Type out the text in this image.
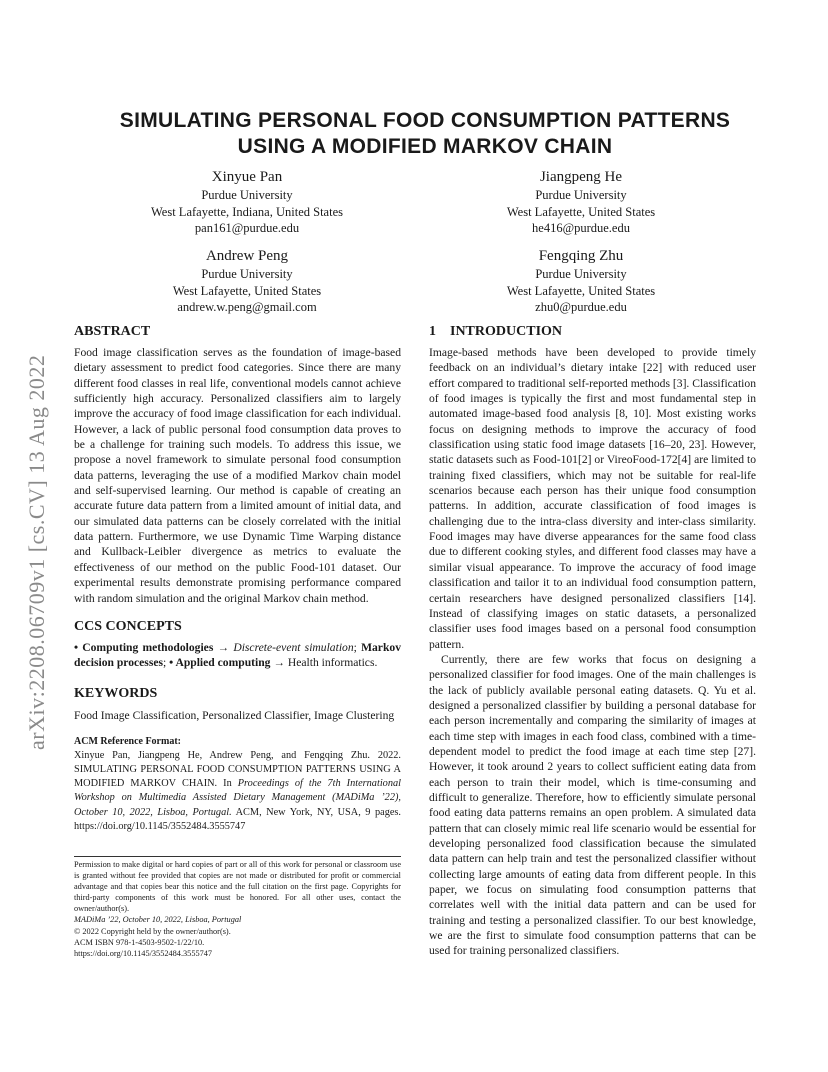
arXiv:2208.06709v1 [cs.CV] 13 Aug 2022
SIMULATING PERSONAL FOOD CONSUMPTION PATTERNS
USING A MODIFIED MARKOV CHAIN
Xinyue Pan
Purdue University
West Lafayette, Indiana, United States
pan161@purdue.edu
Jiangpeng He
Purdue University
West Lafayette, United States
he416@purdue.edu
Andrew Peng
Purdue University
West Lafayette, United States
andrew.w.peng@gmail.com
Fengqing Zhu
Purdue University
West Lafayette, United States
zhu0@purdue.edu
ABSTRACT

Food image classification serves as the foundation of image-based dietary assessment to predict food categories. Since there are many different food classes in real life, conventional models cannot achieve sufficiently high accuracy. Personalized classifiers aim to largely improve the accuracy of food image classification for each individual. However, a lack of public personal food consumption data proves to be a challenge for training such models. To address this issue, we propose a novel framework to simulate personal food consumption data patterns, leveraging the use of a modified Markov chain model and self-supervised learning. Our method is capable of creating an accurate future data pattern from a limited amount of initial data, and our simulated data patterns can be closely correlated with the initial data pattern. Furthermore, we use Dynamic Time Warping distance and Kullback-Leibler divergence as metrics to evaluate the effectiveness of our method on the public Food-101 dataset. Our experimental results demonstrate promising performance compared with random simulation and the original Markov chain method.

CCS CONCEPTS
• Computing methodologies → Discrete-event simulation; Markov decision processes; • Applied computing → Health informatics.
KEYWORDS
Food Image Classification, Personalized Classifier, Image Clustering
ACM Reference Format:
Xinyue Pan, Jiangpeng He, Andrew Peng, and Fengqing Zhu. 2022. SIMULATING PERSONAL FOOD CONSUMPTION PATTERNS USING A MODIFIED MARKOV CHAIN. In Proceedings of the 7th International Workshop on Multimedia Assisted Dietary Management (MADiMa ’22), October 10, 2022, Lisboa, Portugal. ACM, New York, NY, USA, 9 pages. https://doi.org/10.1145/3552484.3555747
Permission to make digital or hard copies of part or all of this work for personal or classroom use is granted without fee provided that copies are not made or distributed for profit or commercial advantage and that copies bear this notice and the full citation on the first page. Copyrights for third-party components of this work must be honored. For all other uses, contact the owner/author(s).
MADiMa ’22, October 10, 2022, Lisboa, Portugal
© 2022 Copyright held by the owner/author(s).
ACM ISBN 978-1-4503-9502-1/22/10.
https://doi.org/10.1145/3552484.3555747
1    INTRODUCTION

Image-based methods have been developed to provide timely feedback on an individual’s dietary intake [22] with reduced user effort compared to traditional self-reported methods [3]. Classification of food images is typically the first and most fundamental step in automated image-based food analysis [8, 10]. Most existing works focus on designing methods to improve the accuracy of food classification using static food image datasets [16–20, 23]. However, static datasets such as Food-101[2] or VireoFood-172[4] are limited to training fixed classifiers, which may not be suitable for real-life scenarios because each person has their unique food consumption patterns. In addition, accurate classification of food images is challenging due to the intra-class diversity and inter-class similarity. Food images may have diverse appearances for the same food class due to different cooking styles, and different food classes may have a similar visual appearance. To improve the accuracy of food image classification and tailor it to an individual food consumption pattern, certain researchers have designed personalized classifiers [14]. Instead of classifying images on static datasets, a personalized classifier uses food images based on a personal food consumption pattern.

Currently, there are few works that focus on designing a personalized classifier for food images. One of the main challenges is the lack of publicly available personal eating datasets. Q. Yu et al. designed a personalized classifier by building a personal database for each person incrementally and comparing the similarity of images at each time step with images in each food class, combined with a time-dependent model to predict the food image at each time step [27]. However, it took around 2 years to collect sufficient eating data from each person to train their model, which is time-consuming and difficult to generalize. Therefore, how to efficiently simulate personal food eating data patterns remains an open problem. A simulated data pattern that can closely mimic real life scenario would be essential for developing personalized food classification because the simulated data pattern can help train and test the personalized classifier without collecting large amounts of eating data from different people. In this paper, we focus on simulating food consumption patterns that correlates well with the initial data pattern and can be used for training and testing a personalized classifier. To our best knowledge, we are the first to simulate food consumption patterns that can be used for training personalized classifiers.
